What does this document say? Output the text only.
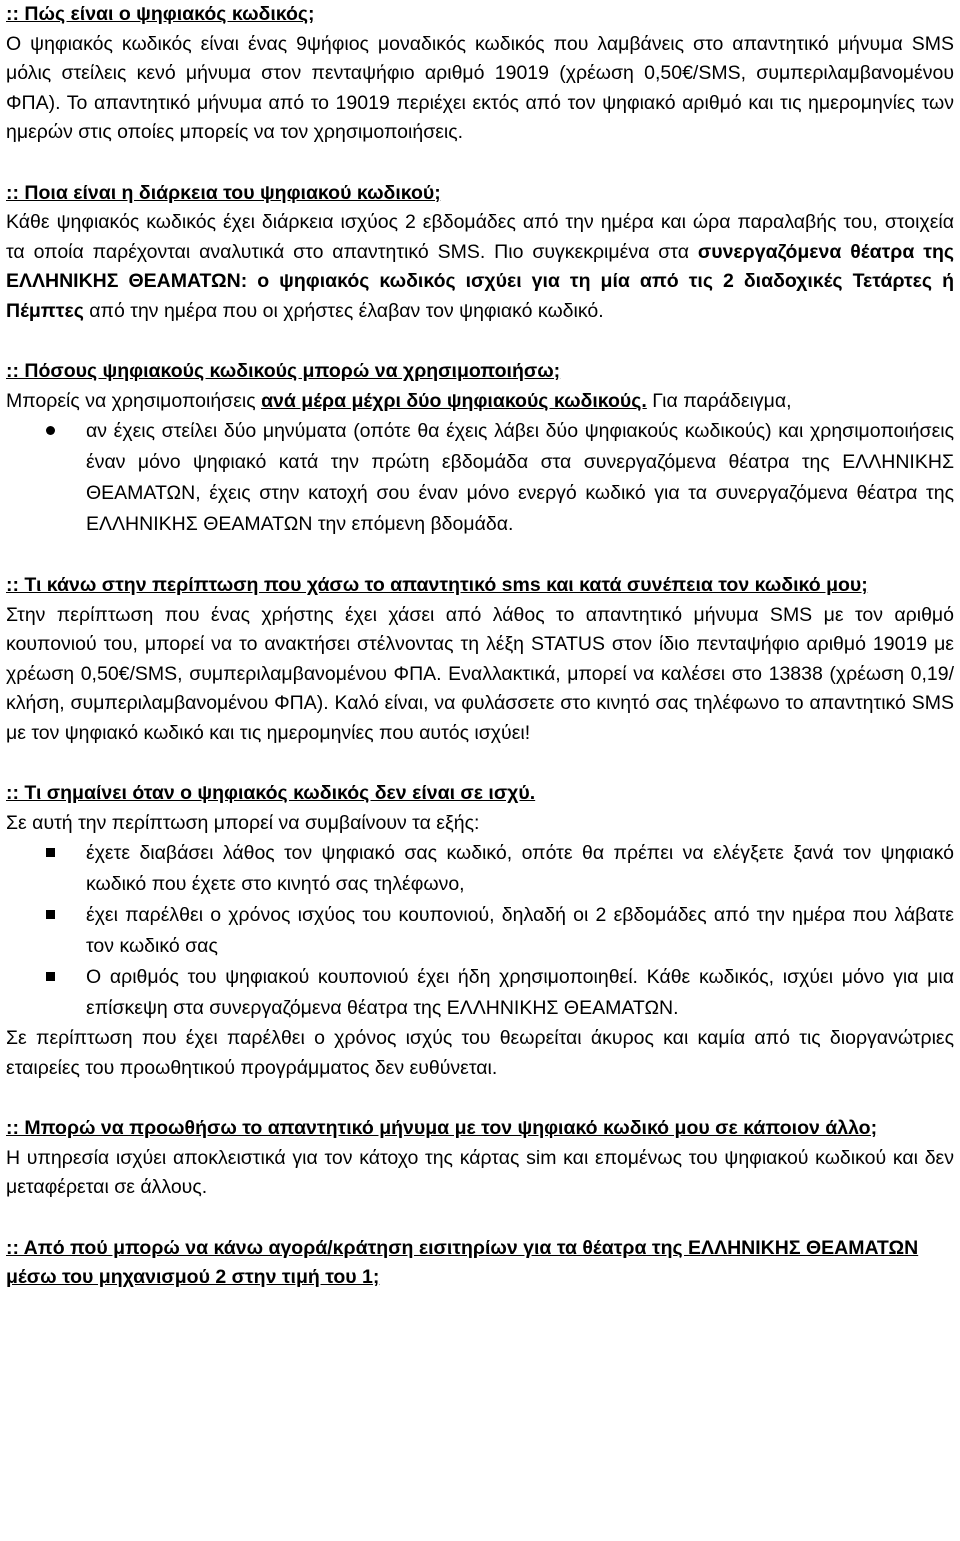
:: Πώς είναι ο ψηφιακός κωδικός;

Ο ψηφιακός κωδικός είναι ένας 9ψήφιος μοναδικός κωδικός που λαμβάνεις στο απαντητικό μήνυμα SMS μόλις στείλεις κενό μήνυμα στον πενταψήφιο αριθμό 19019 (χρέωση 0,50€/SMS, συμπεριλαμβανομένου ΦΠΑ). Το απαντητικό μήνυμα από το 19019 περιέχει εκτός από τον ψηφιακό αριθμό και τις ημερομηνίες των ημερών στις οποίες μπορείς να τον χρησιμοποιήσεις.

:: Ποια είναι η διάρκεια του ψηφιακού κωδικού;

Κάθε ψηφιακός κωδικός έχει διάρκεια ισχύος 2 εβδομάδες από την ημέρα και ώρα παραλαβής του, στοιχεία τα οποία παρέχονται αναλυτικά στο απαντητικό SMS. Πιο συγκεκριμένα στα συνεργαζόμενα θέατρα της ΕΛΛΗΝΙΚΗΣ ΘΕΑΜΑΤΩΝ: ο ψηφιακός κωδικός ισχύει για τη μία από τις 2 διαδοχικές Τετάρτες ή Πέμπτες από την ημέρα που οι χρήστες έλαβαν τον ψηφιακό κωδικό.

:: Πόσους ψηφιακούς κωδικούς μπορώ να χρησιμοποιήσω;

Μπορείς να χρησιμοποιήσεις ανά μέρα μέχρι δύο ψηφιακούς κωδικούς. Για παράδειγμα,

αν έχεις στείλει δύο μηνύματα (οπότε θα έχεις λάβει δύο ψηφιακούς κωδικούς) και χρησιμοποιήσεις έναν μόνο ψηφιακό κατά την πρώτη εβδομάδα στα συνεργαζόμενα θέατρα της ΕΛΛΗΝΙΚΗΣ ΘΕΑΜΑΤΩΝ, έχεις στην κατοχή σου έναν μόνο ενεργό κωδικό για τα συνεργαζόμενα θέατρα της ΕΛΛΗΝΙΚΗΣ ΘΕΑΜΑΤΩΝ την επόμενη βδομάδα.

:: Τι κάνω στην περίπτωση που χάσω το απαντητικό sms και κατά συνέπεια τον κωδικό μου;

Στην περίπτωση που ένας χρήστης έχει χάσει από λάθος το απαντητικό μήνυμα SMS με τον αριθμό κουπονιού του, μπορεί να το ανακτήσει στέλνοντας τη λέξη STATUS στον ίδιο πενταψήφιο αριθμό 19019 με χρέωση 0,50€/SMS, συμπεριλαμβανομένου ΦΠΑ. Εναλλακτικά, μπορεί να καλέσει στο 13838 (χρέωση 0,19/κλήση, συμπεριλαμβανομένου ΦΠΑ). Καλό είναι, να φυλάσσετε στο κινητό σας τηλέφωνο το απαντητικό SMS με τον ψηφιακό κωδικό και τις ημερομηνίες που αυτός ισχύει!

:: Τι σημαίνει όταν ο ψηφιακός κωδικός δεν είναι σε ισχύ.

Σε αυτή την περίπτωση μπορεί να συμβαίνουν τα εξής:

έχετε διαβάσει λάθος τον ψηφιακό σας κωδικό, οπότε θα πρέπει να ελέγξετε ξανά τον ψηφιακό κωδικό που έχετε στο κινητό σας τηλέφωνο,
έχει παρέλθει ο χρόνος ισχύος του κουπονιού, δηλαδή οι 2 εβδομάδες από την ημέρα που λάβατε τον κωδικό σας
Ο αριθμός του ψηφιακού κουπονιού έχει ήδη χρησιμοποιηθεί. Κάθε κωδικός, ισχύει μόνο για μια επίσκεψη στα συνεργαζόμενα θέατρα της ΕΛΛΗΝΙΚΗΣ ΘΕΑΜΑΤΩΝ.

Σε περίπτωση που έχει παρέλθει ο χρόνος ισχύς του θεωρείται άκυρος και καμία από τις διοργανώτριες εταιρείες του προωθητικού προγράμματος δεν ευθύνεται.

:: Μπορώ να προωθήσω το απαντητικό μήνυμα με τον ψηφιακό κωδικό μου σε κάποιον άλλο;

Η υπηρεσία ισχύει αποκλειστικά για τον κάτοχο της κάρτας sim και επομένως του ψηφιακού κωδικού και δεν μεταφέρεται σε άλλους.

:: Από πού μπορώ να κάνω αγορά/κράτηση εισιτηρίων για τα θέατρα της ΕΛΛΗΝΙΚΗΣ ΘΕΑΜΑΤΩΝ μέσω του μηχανισμού 2 στην τιμή του 1;
